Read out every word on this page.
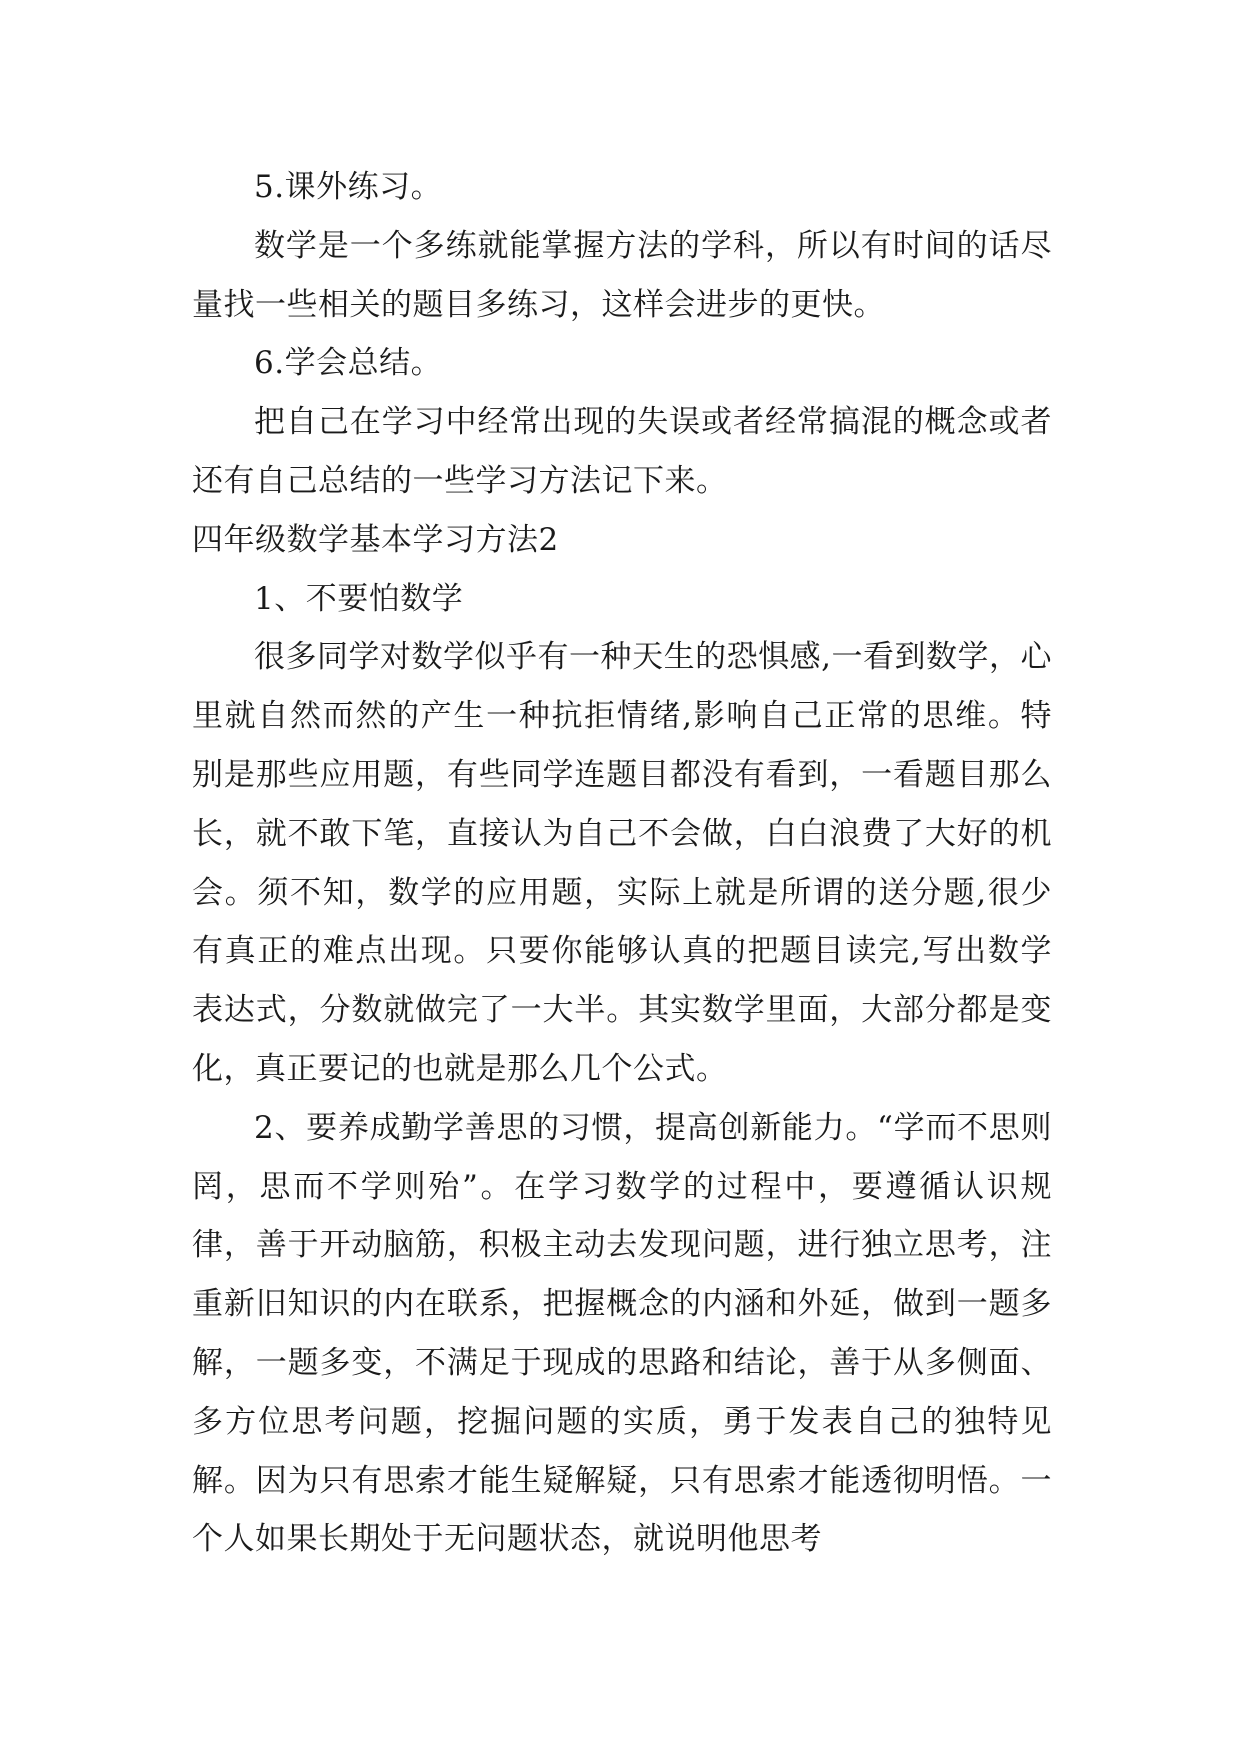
5.课外练习。

数学是一个多练就能掌握方法的学科，所以有时间的话尽量找一些相关的题目多练习，这样会进步的更快。

6.学会总结。

把自己在学习中经常出现的失误或者经常搞混的概念或者还有自己总结的一些学习方法记下来。

四年级数学基本学习方法2

1、不要怕数学

很多同学对数学似乎有一种天生的恐惧感,一看到数学，心里就自然而然的产生一种抗拒情绪,影响自己正常的思维。特别是那些应用题，有些同学连题目都没有看到，一看题目那么长，就不敢下笔，直接认为自己不会做，白白浪费了大好的机会。须不知，数学的应用题，实际上就是所谓的送分题,很少有真正的难点出现。只要你能够认真的把题目读完,写出数学表达式，分数就做完了一大半。其实数学里面，大部分都是变化，真正要记的也就是那么几个公式。

2、要养成勤学善思的习惯，提高创新能力。“学而不思则罔，思而不学则殆”。在学习数学的过程中，要遵循认识规律，善于开动脑筋，积极主动去发现问题，进行独立思考，注重新旧知识的内在联系，把握概念的内涵和外延，做到一题多解，一题多变，不满足于现成的思路和结论，善于从多侧面、多方位思考问题，挖掘问题的实质，勇于发表自己的独特见解。因为只有思索才能生疑解疑，只有思索才能透彻明悟。一个人如果长期处于无问题状态，就说明他思考
